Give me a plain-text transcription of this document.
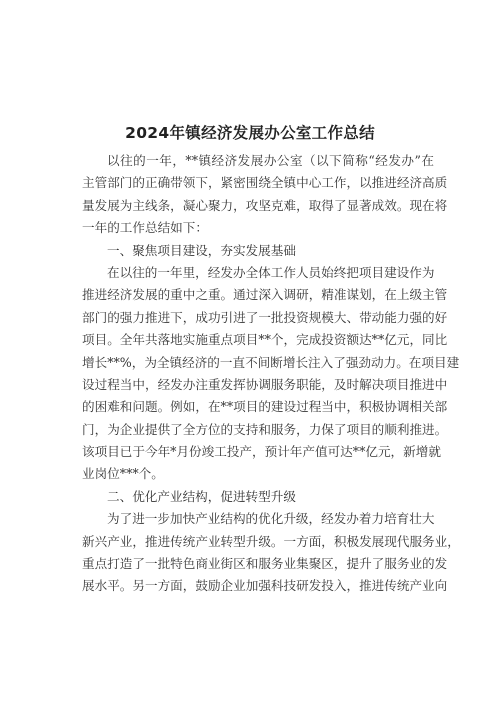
2024年镇经济发展办公室工作总结
以往的一年，**镇经济发展办公室（以下简称“经发办”在
主管部门的正确带领下，紧密围绕全镇中心工作，以推进经济高质
量发展为主线条，凝心聚力，攻坚克难，取得了显著成效。现在将
一年的工作总结如下：
一、聚焦项目建设，夯实发展基础
在以往的一年里，经发办全体工作人员始终把项目建设作为
推进经济发展的重中之重。通过深入调研，精准谋划，在上级主管
部门的强力推进下，成功引进了一批投资规模大、带动能力强的好
项目。全年共落地实施重点项目**个，完成投资额达**亿元，同比
增长**%，为全镇经济的一直不间断增长注入了强劲动力。在项目建
设过程当中，经发办注重发挥协调服务职能，及时解决项目推进中
的困难和问题。例如，在**项目的建设过程当中，积极协调相关部
门，为企业提供了全方位的支持和服务，力保了项目的顺利推进。
该项目已于今年*月份竣工投产，预计年产值可达**亿元，新增就
业岗位***个。
二、优化产业结构，促进转型升级
为了进一步加快产业结构的优化升级，经发办着力培育壮大
新兴产业，推进传统产业转型升级。一方面，积极发展现代服务业，
重点打造了一批特色商业街区和服务业集聚区，提升了服务业的发
展水平。另一方面，鼓励企业加强科技研发投入，推进传统产业向
